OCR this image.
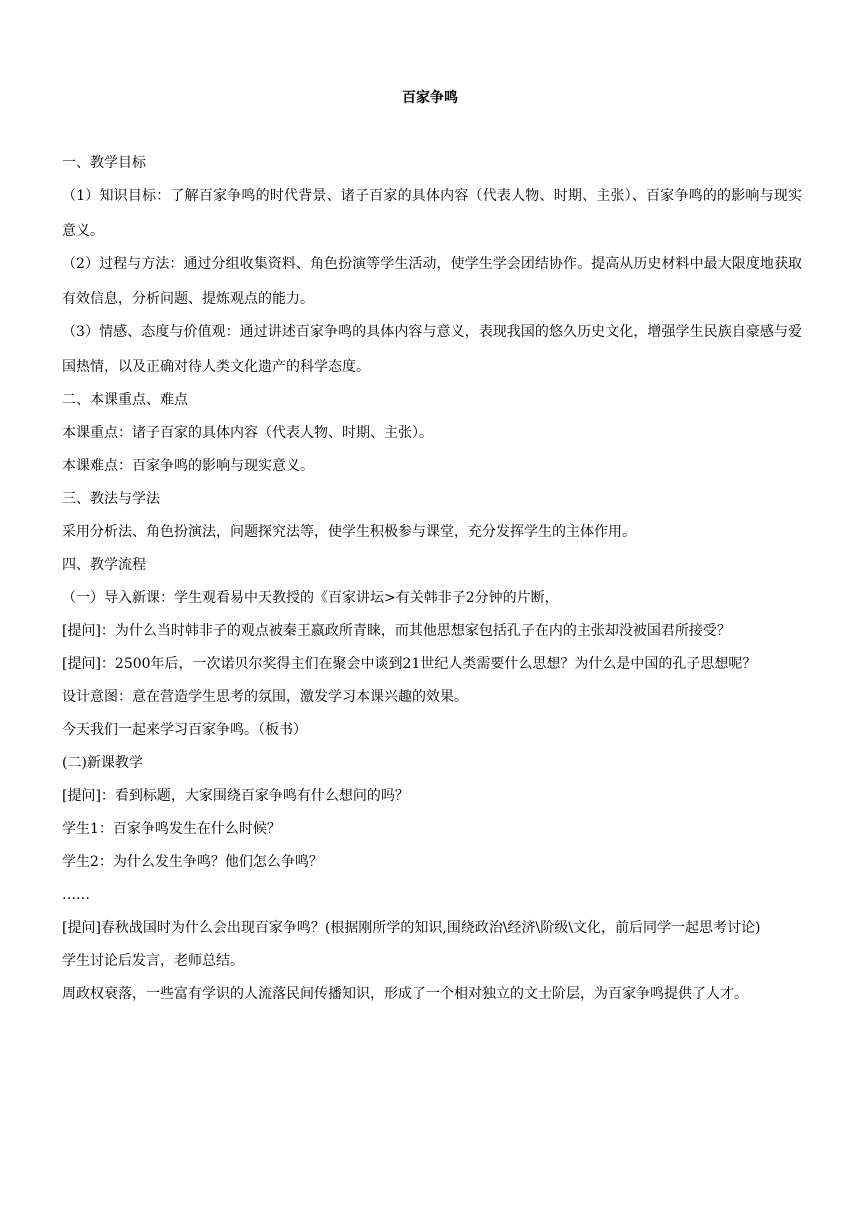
百家争鸣
一、教学目标
（1）知识目标：了解百家争鸣的时代背景、诸子百家的具体内容（代表人物、时期、主张）、百家争鸣的的影响与现实意义。
（2）过程与方法：通过分组收集资料、角色扮演等学生活动，使学生学会团结协作。提高从历史材料中最大限度地获取有效信息，分析问题、提炼观点的能力。
（3）情感、态度与价值观：通过讲述百家争鸣的具体内容与意义，表现我国的悠久历史文化，增强学生民族自豪感与爱国热情，以及正确对待人类文化遗产的科学态度。
二、本课重点、难点
本课重点：诸子百家的具体内容（代表人物、时期、主张）。
本课难点：百家争鸣的影响与现实意义。
三、教法与学法
采用分析法、角色扮演法，问题探究法等，使学生积极参与课堂，充分发挥学生的主体作用。
四、教学流程
（一）导入新课：学生观看易中天教授的《百家讲坛>有关韩非子2分钟的片断，
[提问]：为什么当时韩非子的观点被秦王嬴政所青睐，而其他思想家包括孔子在内的主张却没被国君所接受？
[提问]：2500年后，一次诺贝尔奖得主们在聚会中谈到21世纪人类需要什么思想？为什么是中国的孔子思想呢？
设计意图：意在营造学生思考的氛围，激发学习本课兴趣的效果。
今天我们一起来学习百家争鸣。（板书）
(二)新课教学
[提问]：看到标题，大家围绕百家争鸣有什么想问的吗？
学生1：百家争鸣发生在什么时候？
学生2：为什么发生争鸣？他们怎么争鸣？
……
[提问]春秋战国时为什么会出现百家争鸣？(根据刚所学的知识,围绕政治\经济\阶级\文化，前后同学一起思考讨论)
学生讨论后发言，老师总结。
周政权衰落，一些富有学识的人流落民间传播知识，形成了一个相对独立的文士阶层，为百家争鸣提供了人才。
